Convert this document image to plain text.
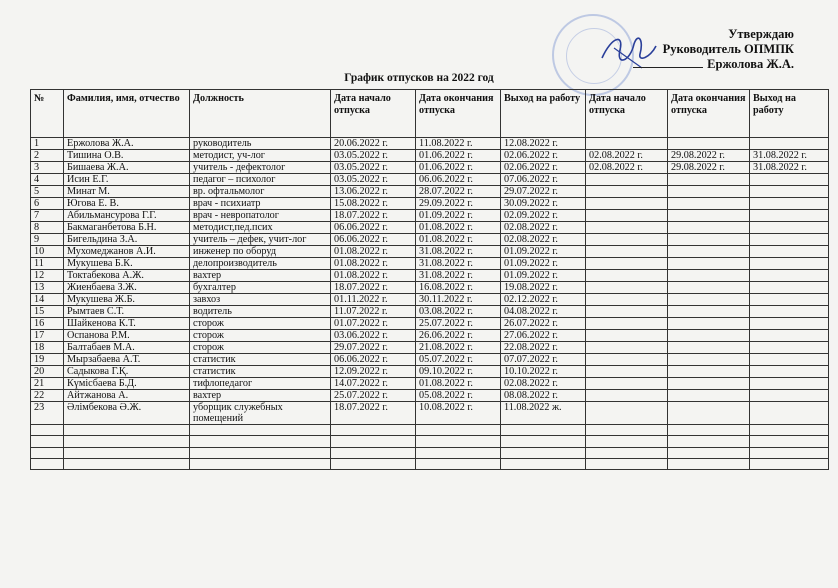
Утверждаю
Руководитель ОПМПК
Ержолова Ж.А.
График отпусков на 2022 год
№	Фамилия, имя, отчество	Должность	Дата начало отпуска	Дата окончания отпуска	Выход на работу	Дата начало отпуска	Дата окончания отпуска	Выход на работу
1	Ержолова Ж.А.	руководитель	20.06.2022 г.	11.08.2022 г.	12.08.2022 г.			
2	Тишина О.В.	методист, уч-лог	03.05.2022 г.	01.06.2022 г.	02.06.2022 г.	02.08.2022 г.	29.08.2022 г.	31.08.2022 г.
3	Бишаева Ж.А.	учитель - дефектолог	03.05.2022 г.	01.06.2022 г.	02.06.2022 г.	02.08.2022 г.	29.08.2022 г.	31.08.2022 г.
4	Исин Е.Г.	педагог – психолог	03.05.2022 г.	06.06.2022 г.	07.06.2022 г.			
5	Минат М.	вр. офтальмолог	13.06.2022 г.	28.07.2022 г.	29.07.2022 г.			
6	Югова Е. В.	врач - психиатр	15.08.2022 г.	29.09.2022 г.	30.09.2022 г.			
7	Абильмансурова Г.Г.	врач - невропатолог	18.07.2022 г.	01.09.2022 г.	02.09.2022 г.			
8	Бакмаганбетова Б.Н.	методист,пед.псих	06.06.2022 г.	01.08.2022 г.	02.08.2022 г.			
9	Бигельдина З.А.	учитель – дефек, учит-лог	06.06.2022 г.	01.08.2022 г.	02.08.2022 г.			
10	Мухомеджанов А.И.	инженер по оборуд	01.08.2022 г.	31.08.2022 г.	01.09.2022 г.			
11	Мукушева Б.К.	делопроизводитель	01.08.2022 г.	31.08.2022 г.	01.09.2022 г.			
12	Токтабекова А.Ж.	вахтер	01.08.2022 г.	31.08.2022 г.	01.09.2022 г.			
13	Жиенбаева З.Ж.	бухгалтер	18.07.2022 г.	16.08.2022 г.	19.08.2022 г.			
14	Мукушева Ж.Б.	завхоз	01.11.2022 г.	30.11.2022 г.	02.12.2022 г.			
15	Рымтаев С.Т.	водитель	11.07.2022 г.	03.08.2022 г.	04.08.2022 г.			
16	Шайкенова К.Т.	сторож	01.07.2022 г.	25.07.2022 г.	26.07.2022 г.			
17	Оспанова Р.М.	сторож	03.06.2022 г.	26.06.2022 г.	27.06.2022 г.			
18	Балтабаев М.А.	сторож	29.07.2022 г.	21.08.2022 г.	22.08.2022 г.			
19	Мырзабаева А.Т.	статистик	06.06.2022 г.	05.07.2022 г.	07.07.2022 г.			
20	Садыкова Г.Қ.	статистик	12.09.2022 г.	09.10.2022 г.	10.10.2022 г.			
21	Күмісбаева Б.Д.	тифлопедагог	14.07.2022 г.	01.08.2022 г.	02.08.2022 г.			
22	Айтжанова А.	вахтер	25.07.2022 г.	05.08.2022 г.	08.08.2022 г.			
23	Әлімбекова Ә.Ж.	уборщик служебных помещений	18.07.2022 г.	10.08.2022 г.	11.08.2022 ж.			
